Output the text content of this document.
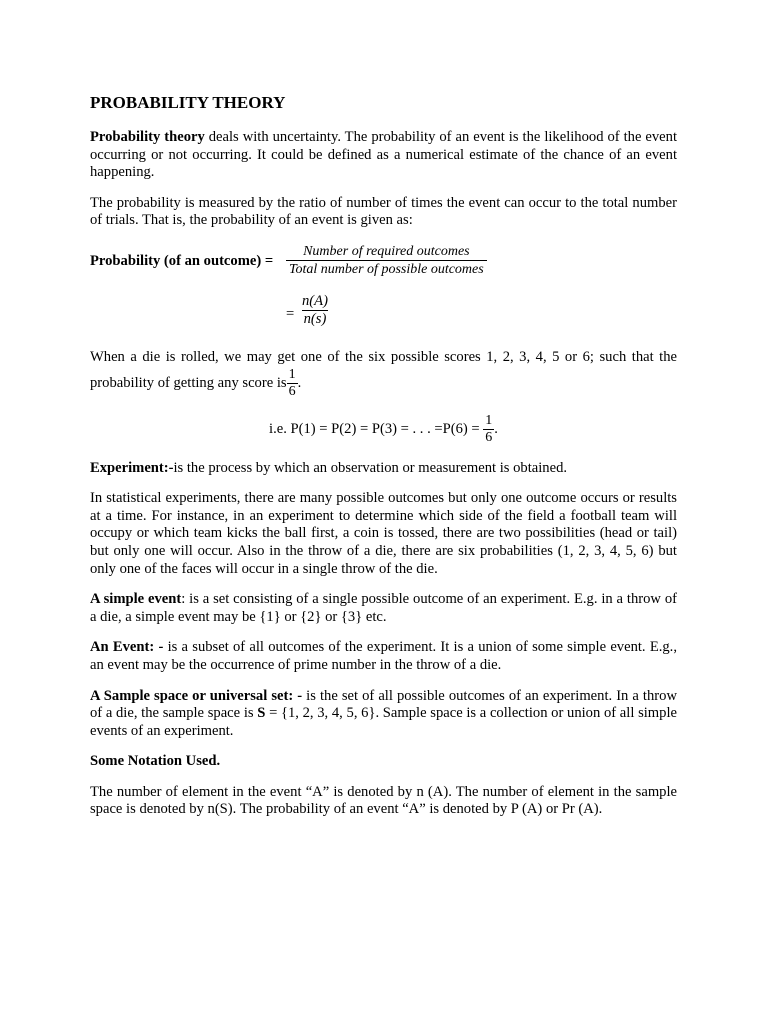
PROBABILITY THEORY

Probability theory deals with uncertainty. The probability of an event is the likelihood of the event occurring or not occurring. It could be defined as a numerical estimate of the chance of an event happening.

The probability is measured by the ratio of number of times the event can occur to the total number of trials. That is, the probability of an event is given as:

Probability (of an outcome) = $\frac{\text{Number of required outcomes}}{\text{Total number of possible outcomes}}$
= $\frac{n(A)}{n(s)}$

When a die is rolled, we may get one of the six possible scores 1, 2, 3, 4, 5 or 6; such that the probability of getting any score is $\frac{1}{6}$ .

i.e. P(1) = P(2) = P(3) = . . . $=P(6) = \frac{1}{6}$ .

Experiment:-is the process by which an observation or measurement is obtained.

In statistical experiments, there are many possible outcomes but only one outcome occurs or results at a time. For instance, in an experiment to determine which side of the field a football team will occupy or which team kicks the ball first, a coin is tossed, there are two possibilities (head or tail) but only one will occur. Also in the throw of a die, there are six probabilities (1, 2, 3, 4, 5, 6) but only one of the faces will occur in a single throw of the die.

A simple event: is a set consisting of a single possible outcome of an experiment. E.g. in a throw of a die, a simple event may be {1} or {2} or {3} etc.

An Event: - is a subset of all outcomes of the experiment. It is a union of some simple event. E.g., an event may be the occurrence of prime number in the throw of a die.

A Sample space or universal set: - is the set of all possible outcomes of an experiment. In a throw of a die, the sample space is S = {1, 2, 3, 4, 5, 6}. Sample space is a collection or union of all simple events of an experiment.

Some Notation Used.

The number of element in the event “A” is denoted by n (A). The number of element in the sample space is denoted by n(S). The probability of an event “A” is denoted by P (A) or Pr (A).
